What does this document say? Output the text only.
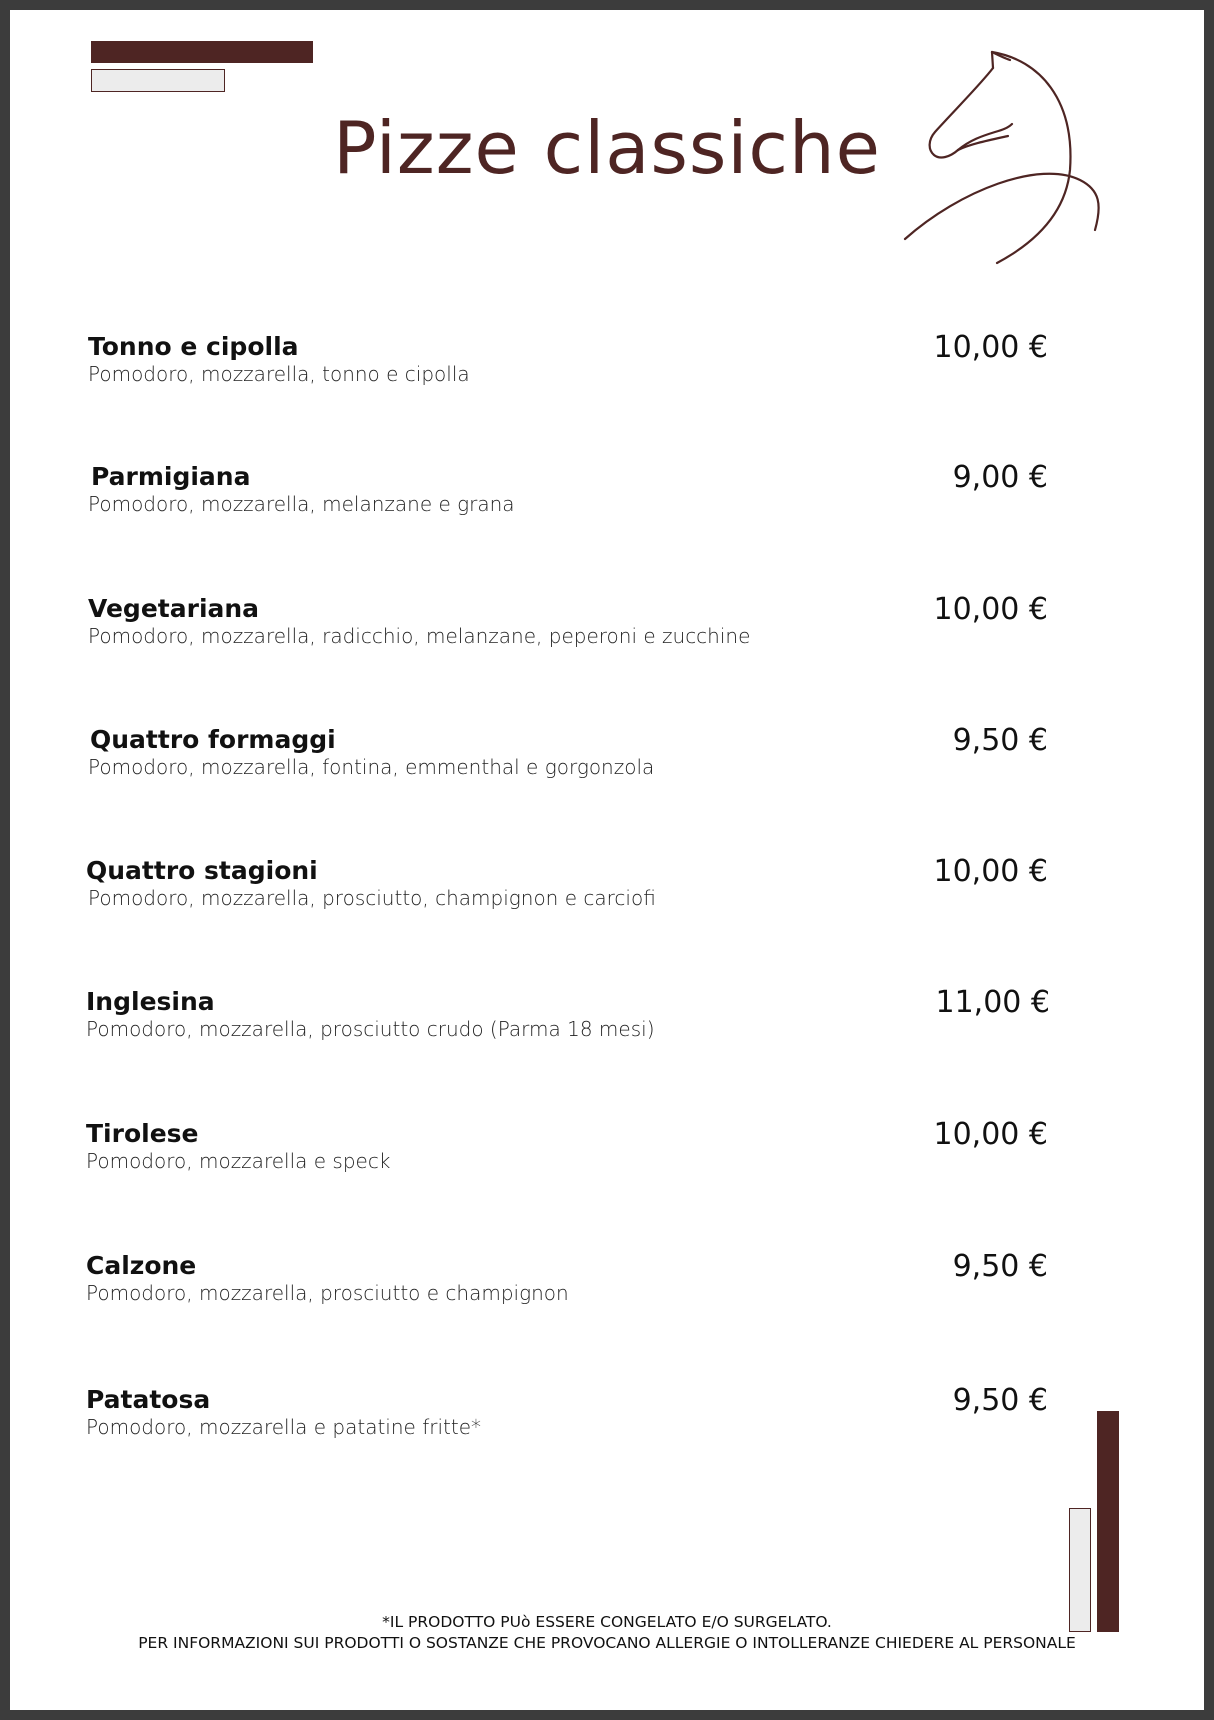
Pizze classiche
Tonno e cipolla
Pomodoro, mozzarella, tonno e cipolla
10,00 €
Parmigiana
Pomodoro, mozzarella, melanzane e grana
9,00 €
Vegetariana
Pomodoro, mozzarella, radicchio, melanzane, peperoni e zucchine
10,00 €
Quattro formaggi
Pomodoro, mozzarella, fontina, emmenthal e gorgonzola
9,50 €
Quattro stagioni
Pomodoro, mozzarella, prosciutto, champignon e carciofi
10,00 €
Inglesina
Pomodoro, mozzarella, prosciutto crudo (Parma 18 mesi)
11,00 €
Tirolese
Pomodoro, mozzarella e speck
10,00 €
Calzone
Pomodoro, mozzarella, prosciutto e champignon
9,50 €
Patatosa
Pomodoro, mozzarella e patatine fritte*
9,50 €
*IL PRODOTTO PUò ESSERE CONGELATO E/O SURGELATO.
PER INFORMAZIONI SUI PRODOTTI O SOSTANZE CHE PROVOCANO ALLERGIE O INTOLLERANZE CHIEDERE AL PERSONALE
